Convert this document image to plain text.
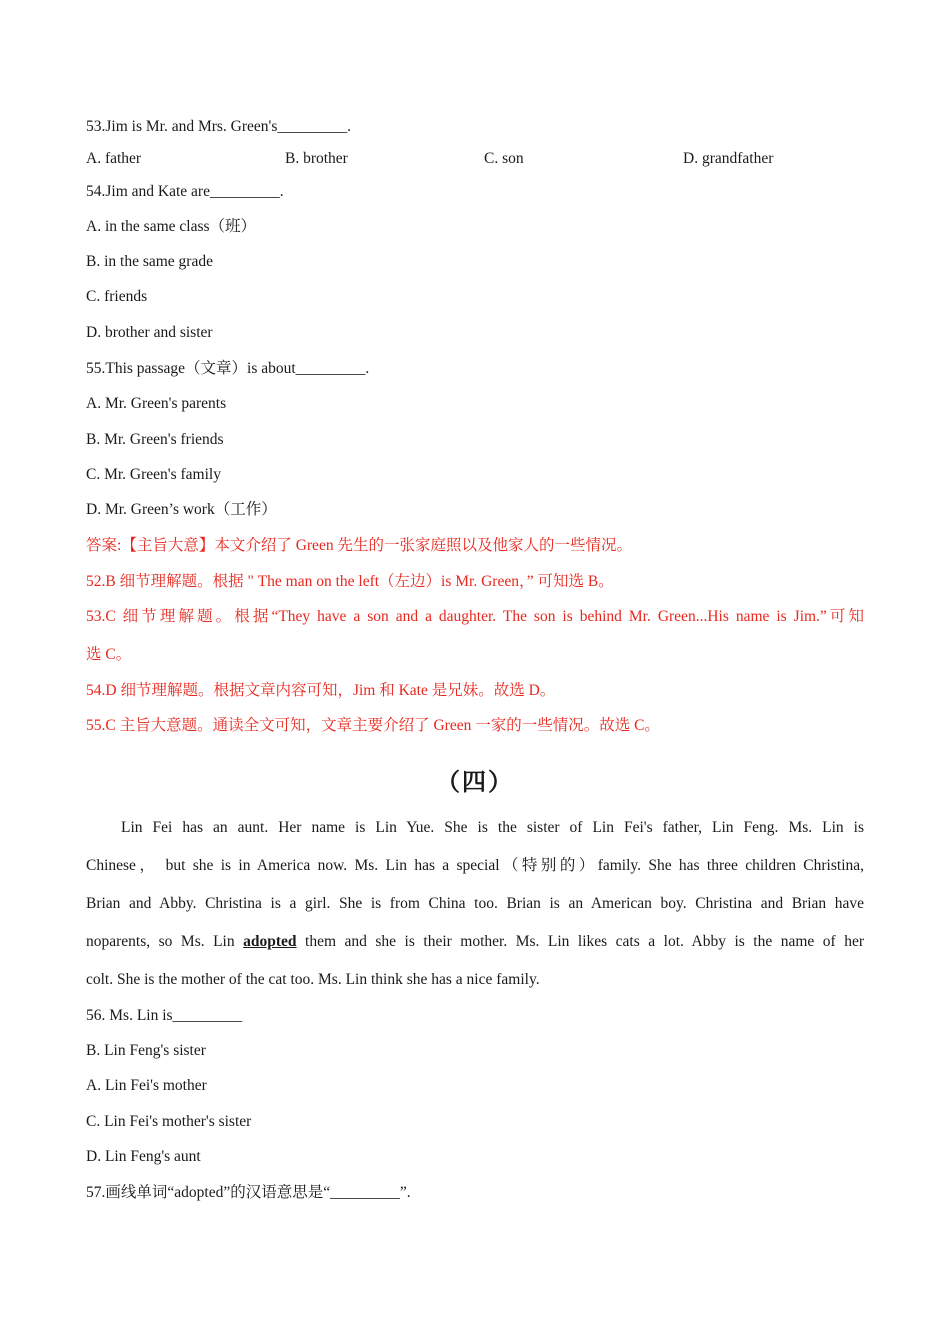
53.Jim is Mr. and Mrs. Green's_________.
A. father	B. brother	C. son	D. grandfather
54.Jim and Kate are_________.
A. in the same class（班）
B. in the same grade
C. friends
D. brother and sister
55.This passage（文章）is about_________.
A. Mr. Green's parents
B. Mr. Green's friends
C. Mr. Green's family
D. Mr. Green’s work（工作）
答案:【主旨大意】本文介绍了 Green 先生的一张家庭照以及他家人的一些情况。
52.B 细节理解题。根据 " The man on the left（左边）is Mr. Green，” 可知选 B。
53.C 细节理解题。根据“They have a son and a daughter. The son is behind Mr. Green...His name is Jim.”可知
选 C。
54.D 细节理解题。根据文章内容可知，Jim 和 Kate 是兄妹。故选 D。
55.C 主旨大意题。通读全文可知，文章主要介绍了 Green 一家的一些情况。故选 C。
（四）
Lin Fei has an aunt. Her name is Lin Yue. She is the sister of Lin Fei's father, Lin Feng. Ms. Lin is
Chinese， but she is in America now. Ms. Lin has a special（特别的）family. She has three children Christina,
Brian and Abby. Christina is a girl. She is from China too. Brian is an American boy. Christina and Brian have
noparents, so Ms. Lin adopted them and she is their mother. Ms. Lin likes cats a lot. Abby is the name of her
colt. She is the mother of the cat too. Ms. Lin think she has a nice family.
56. Ms. Lin is_________
B. Lin Feng's sister
A. Lin Fei's mother
C. Lin Fei's mother's sister
D. Lin Feng's aunt
57.画线单词“adopted”的汉语意思是“_________”.
